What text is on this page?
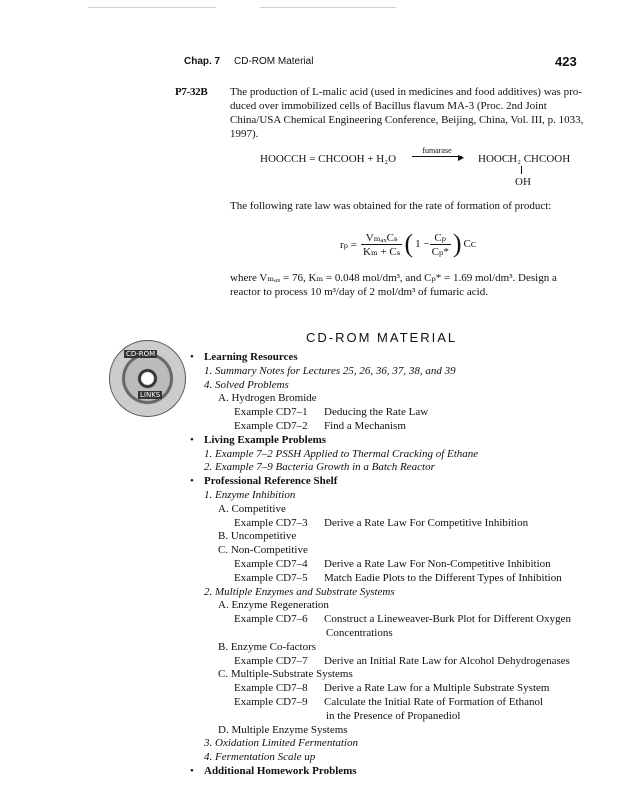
Chap. 7 CD-ROM Material	423
P7-32B The production of L-malic acid (used in medicines and food additives) was pro-
duced over immobilized cells of Bacillus flavum MA-3 (Proc. 2nd Joint
China/USA Chemical Engineering Conference, Beijing, China, Vol. III, p. 1033,
1997).
HOOCCH = CHCOOH + H₂O
fumarase
▶ HOOCH₂ CHCOOH
OH
The following rate law was obtained for the rate of formation of product:
$r_p = \frac{\text{VₘₐₓCₛ}}{\text{Kₘ + Cₛ}}$ ( $1 - \frac{\text{Cₚ}}{\text{Cₚ*}}$ ) Cᴄ
where Vₘₐₓ = 76, Kₘ = 0.048 mol/dm³, and Cₚ* = 1.69 mol/dm³. Design a
reactor to process 10 m³/day of 2 mol/dm³ of fumaric acid.
CD-ROM MATERIAL
CD-ROM
LINKS
• Learning Resources
1. Summary Notes for Lectures 25, 26, 36, 37, 38, and 39
4. Solved Problems
A. Hydrogen Bromide
Example CD7–1 Deducing the Rate Law
Example CD7–2 Find a Mechanism
• Living Example Problems
1. Example 7–2 PSSH Applied to Thermal Cracking of Ethane
2. Example 7–9 Bacteria Growth in a Batch Reactor
• Professional Reference Shelf
1. Enzyme Inhibition
A. Competitive
Example CD7–3 Derive a Rate Law For Competitive Inhibition
B. Uncompetitive
C. Non-Competitive
Example CD7–4 Derive a Rate Law For Non-Competitive Inhibition
Example CD7–5 Match Eadie Plots to the Different Types of Inhibition
2. Multiple Enzymes and Substrate Systems
A. Enzyme Regeneration
Example CD7–6 Construct a Lineweaver-Burk Plot for Different Oxygen
Concentrations
B. Enzyme Co-factors
Example CD7–7 Derive an Initial Rate Law for Alcohol Dehydrogenases
C. Multiple-Substrate Systems
Example CD7–8 Derive a Rate Law for a Multiple Substrate System
Example CD7–9 Calculate the Initial Rate of Formation of Ethanol
in the Presence of Propanediol
D. Multiple Enzyme Systems
3. Oxidation Limited Fermentation
4. Fermentation Scale up
• Additional Homework Problems
